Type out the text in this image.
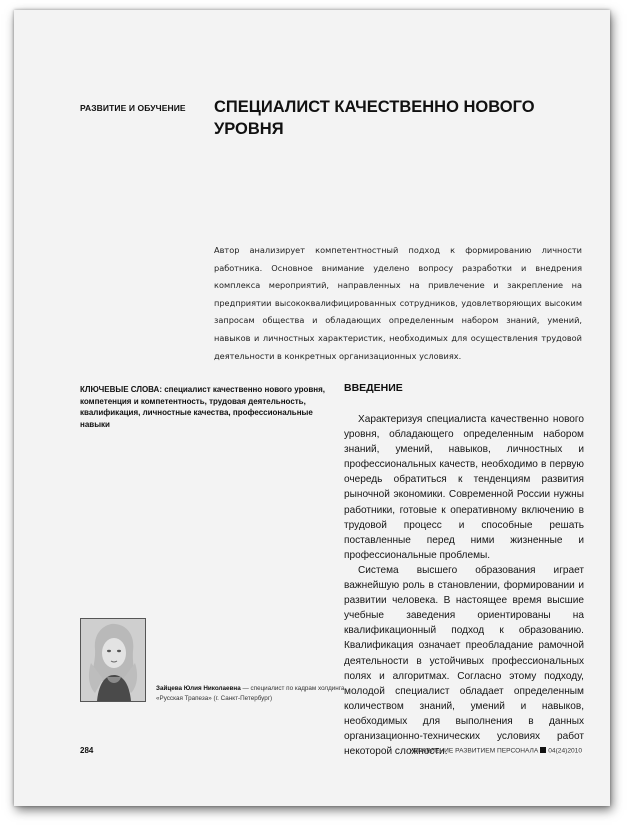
РАЗВИТИЕ И ОБУЧЕНИЕ СПЕЦИАЛИСТ КАЧЕСТВЕННО НОВОГО УРОВНЯ

Автор анализирует компетентностный подход к формированию личности работника. Основное внимание уделено вопросу разработки и внедрения комплекса мероприятий, направленных на привлечение и закрепление на предприятии высококвалифицированных сотрудников, удовлетворяющих высоким запросам общества и обладающих определенным набором знаний, умений, навыков и личностных характеристик, необходимых для осуществления трудовой деятельности в конкретных организационных условиях.

КЛЮЧЕВЫЕ СЛОВА: специалист качественно нового уровня, компетенция и компетентность, трудовая деятельность, квалификация, личностные качества, профессиональные навыки

ВВЕДЕНИЕ

Характеризуя специалиста качественно нового уровня, обладающего определенным набором знаний, умений, навыков, личностных и профессиональных качеств, необходимо в первую очередь обратиться к тенденциям развития рыночной экономики. Современной России нужны работники, готовые к оперативному включению в трудовой процесс и способные решать поставленные перед ними жизненные и профессиональные проблемы.

Система высшего образования играет важнейшую роль в становлении, формировании и развитии человека. В настоящее время высшие учебные заведения ориентированы на квалификационный подход к образованию. Квалификация означает преобладание рамочной деятельности в устойчивых профессиональных полях и алгоритмах. Согласно этому подходу, молодой специалист обладает определенным количеством знаний, умений и навыков, необходимых для выполнения в данных организационно-технических условиях работ некоторой сложности.

Зайцева Юлия Николаевна — специалист по кадрам холдинга «Русская Трапеза» (г. Санкт-Петербург)

284	УПРАВЛЕНИЕ РАЗВИТИЕМ ПЕРСОНАЛА 04(24)2010
